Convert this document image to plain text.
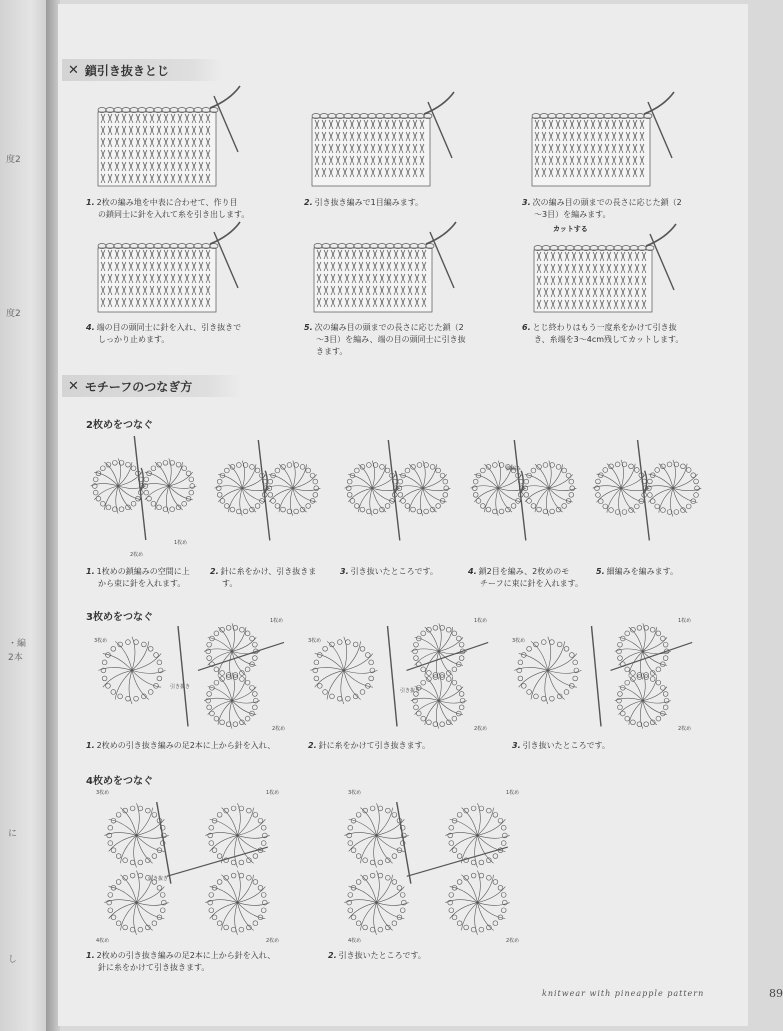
度2
度2
・編
2本
に
し
✕ 鎖引き抜きとじ
1. 2枚の編み地を中表に合わせて、作り目
の鎖同士に針を入れて糸を引き出します。
2. 引き抜き編みで1目編みます。	3. 次の編み目の頭までの長さに応じた鎖（2
〜3目）を編みます。
カットする
4. 端の目の頭同士に針を入れ、引き抜きで
しっかり止めます。
5. 次の編み目の頭までの長さに応じた鎖（2
〜3目）を編み、端の目の頭同士に引き抜
きます。
6. とじ終わりはもう一度糸をかけて引き抜
き、糸端を3〜4cm残してカットします。
✕ モチーフのつなぎ方
2枚めをつなぐ
2枚め
1枚め
細編み
1. 1枚めの鎖編みの空間に上
から束に針を入れます。
2. 針に糸をかけ、引き抜きま
す。
3. 引き抜いたところです。	4. 鎖2目を編み、2枚めのモ
チーフに束に針を入れます。
5. 細編みを編みます。
3枚めをつなぐ
3枚め
1枚め
2枚め
引き抜き
3枚め
1枚め
2枚め
引き抜き
3枚め
1枚め
2枚め
1. 2枚めの引き抜き編みの足2本に上から針を入れ、	2. 針に糸をかけて引き抜きます。	3. 引き抜いたところです。
4枚めをつなぐ
3枚め	1枚め
4枚め	2枚め
引き抜き
3枚め	1枚め
4枚め	2枚め
1. 2枚めの引き抜き編みの足2本に上から針を入れ、
針に糸をかけて引き抜きます。
2. 引き抜いたところです。
knitwear with pineapple pattern	89
